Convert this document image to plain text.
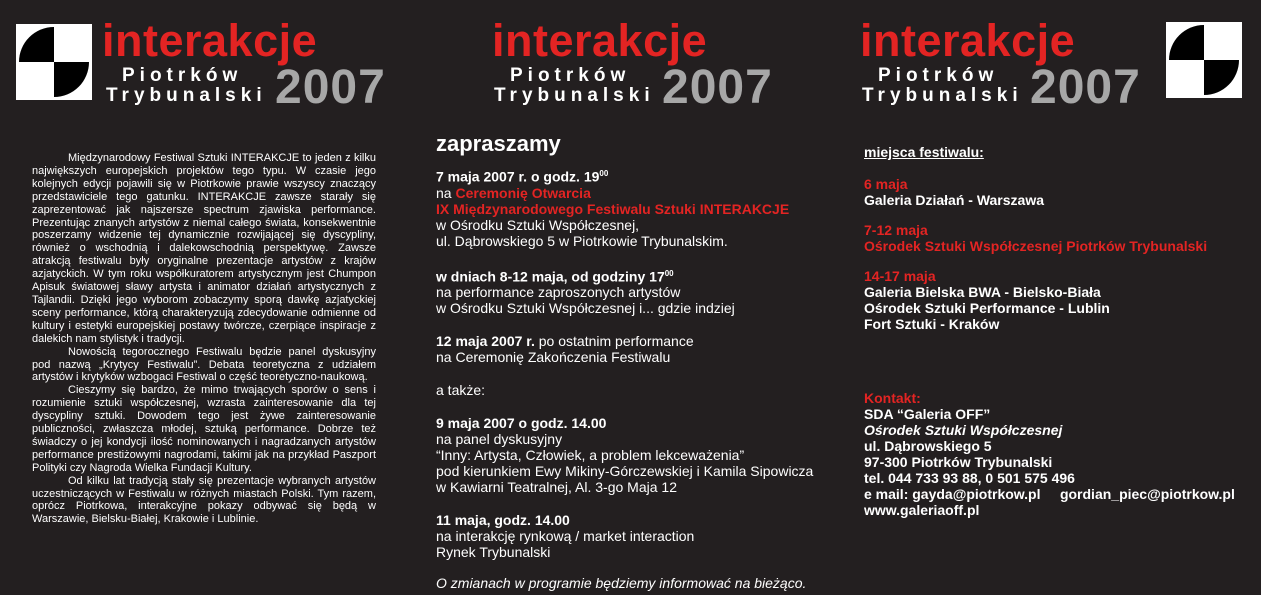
interakcje
Piotrków
Trybunalski 2007
interakcje
Piotrków
Trybunalski 2007
interakcje
Piotrków
Trybunalski 2007

Międzynarodowy Festiwal Sztuki INTERAKCJE to jeden z kilku największych europejskich projektów tego typu. W czasie jego kolejnych edycji pojawili się w Piotrkowie prawie wszyscy znaczący przedstawiciele tego gatunku. INTERAKCJE zawsze starały się zaprezentować jak najszersze spectrum zjawiska performance. Prezentując znanych artystów z niemal całego świata, konsekwentnie poszerzamy widzenie tej dynamicznie rozwijającej się dyscypliny, również o wschodnią i dalekowschodnią perspektywę. Zawsze atrakcją festiwalu były oryginalne prezentacje artystów z krajów azjatyckich. W tym roku współkuratorem artystycznym jest Chumpon Apisuk światowej sławy artysta i animator działań artystycznych z Tajlandii. Dzięki jego wyborom zobaczymy sporą dawkę azjatyckiej sceny performance, którą charakteryzują zdecydowanie odmienne od kultury i estetyki europejskiej postawy twórcze, czerpiące inspiracje z dalekich nam stylistyk i tradycji.

Nowością tegorocznego Festiwalu będzie panel dyskusyjny pod nazwą „Krytycy Festiwalu”. Debata teoretyczna z udziałem artystów i krytyków wzbogaci Festiwal o część teoretyczno-naukową.

Cieszymy się bardzo, że mimo trwających sporów o sens i rozumienie sztuki współczesnej, wzrasta zainteresowanie dla tej dyscypliny sztuki. Dowodem tego jest żywe zainteresowanie publiczności, zwłaszcza młodej, sztuką performance. Dobrze też świadczy o jej kondycji ilość nominowanych i nagradzanych artystów performance prestiżowymi nagrodami, takimi jak na przykład Paszport Polityki czy Nagroda Wielka Fundacji Kultury.

Od kilku lat tradycją stały się prezentacje wybranych artystów uczestniczących w Festiwalu w różnych miastach Polski. Tym razem, oprócz Piotrkowa, interakcyjne pokazy odbywać się będą w Warszawie, Bielsku-Białej, Krakowie i Lublinie.

zapraszamy
7 maja 2007 r. o godz. $19^{00}$
na Ceremonię Otwarcia
IX Międzynarodowego Festiwalu Sztuki INTERAKCJE
w Ośrodku Sztuki Współczesnej,
ul. Dąbrowskiego 5 w Piotrkowie Trybunalskim.
w dniach 8-12 maja, od godziny $17^{00}$
na performance zaproszonych artystów
w Ośrodku Sztuki Współczesnej i... gdzie indziej
12 maja 2007 r. po ostatnim performance
na Ceremonię Zakończenia Festiwalu
a także:
9 maja 2007 o godz. 14.00
na panel dyskusyjny
“Inny: Artysta, Człowiek, a problem lekceważenia”
pod kierunkiem Ewy Mikiny-Górczewskiej i Kamila Sipowicza
w Kawiarni Teatralnej, Al. 3-go Maja 12
11 maja, godz. 14.00
na interakcję rynkową / market interaction
Rynek Trybunalski
O zmianach w programie będziemy informować na bieżąco.
miejsca festiwalu:
6 maja
Galeria Działań - Warszawa
7-12 maja
Ośrodek Sztuki Współczesnej Piotrków Trybunalski
14-17 maja
Galeria Bielska BWA - Bielsko-Biała
Ośrodek Sztuki Performance - Lublin
Fort Sztuki - Kraków
Kontakt:
SDA “Galeria OFF”
Ośrodek Sztuki Współczesnej
ul. Dąbrowskiego 5
97-300 Piotrków Trybunalski
tel. 044 733 93 88, 0 501 575 496
e mail: gayda@piotrkow.pl     gordian_piec@piotrkow.pl
www.galeriaoff.pl
